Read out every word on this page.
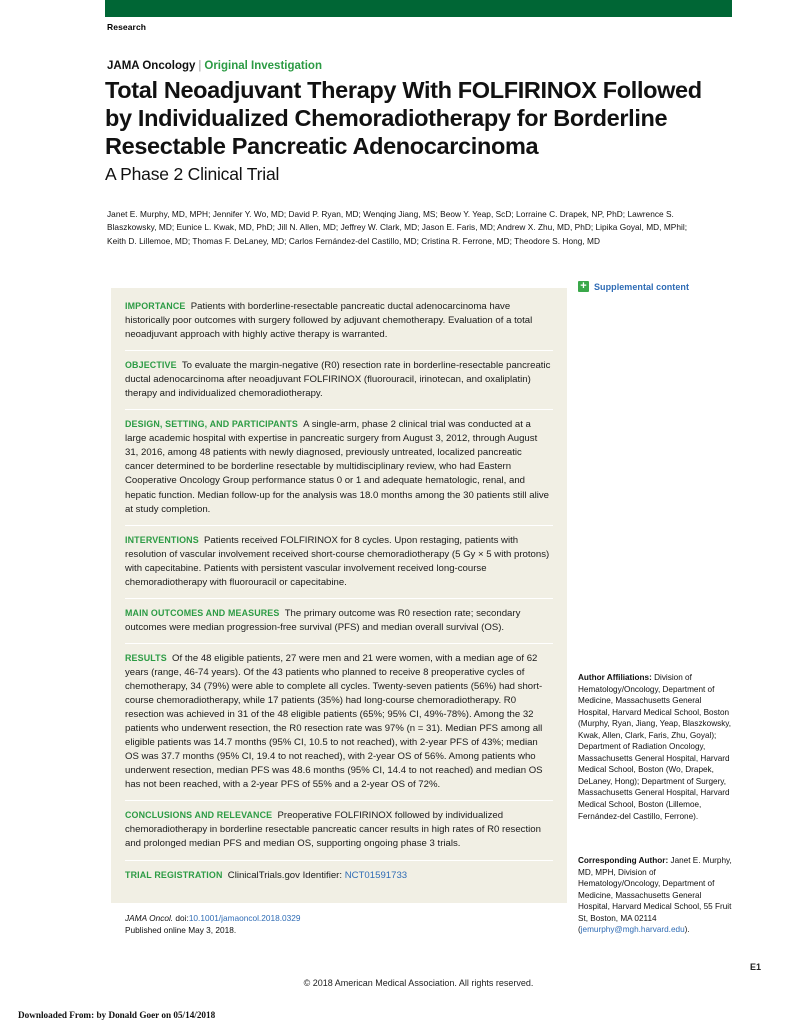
Research
JAMA Oncology | Original Investigation
Total Neoadjuvant Therapy With FOLFIRINOX Followed by Individualized Chemoradiotherapy for Borderline Resectable Pancreatic Adenocarcinoma
A Phase 2 Clinical Trial
Janet E. Murphy, MD, MPH; Jennifer Y. Wo, MD; David P. Ryan, MD; Wenqing Jiang, MS; Beow Y. Yeap, ScD; Lorraine C. Drapek, NP, PhD; Lawrence S. Blaszkowsky, MD; Eunice L. Kwak, MD, PhD; Jill N. Allen, MD; Jeffrey W. Clark, MD; Jason E. Faris, MD; Andrew X. Zhu, MD, PhD; Lipika Goyal, MD, MPhil; Keith D. Lillemoe, MD; Thomas F. DeLaney, MD; Carlos Fernández-del Castillo, MD; Cristina R. Ferrone, MD; Theodore S. Hong, MD
+ Supplemental content
IMPORTANCE Patients with borderline-resectable pancreatic ductal adenocarcinoma have historically poor outcomes with surgery followed by adjuvant chemotherapy. Evaluation of a total neoadjuvant approach with highly active therapy is warranted.
OBJECTIVE To evaluate the margin-negative (R0) resection rate in borderline-resectable pancreatic ductal adenocarcinoma after neoadjuvant FOLFIRINOX (fluorouracil, irinotecan, and oxaliplatin) therapy and individualized chemoradiotherapy.
DESIGN, SETTING, AND PARTICIPANTS A single-arm, phase 2 clinical trial was conducted at a large academic hospital with expertise in pancreatic surgery from August 3, 2012, through August 31, 2016, among 48 patients with newly diagnosed, previously untreated, localized pancreatic cancer determined to be borderline resectable by multidisciplinary review, who had Eastern Cooperative Oncology Group performance status 0 or 1 and adequate hematologic, renal, and hepatic function. Median follow-up for the analysis was 18.0 months among the 30 patients still alive at study completion.
INTERVENTIONS Patients received FOLFIRINOX for 8 cycles. Upon restaging, patients with resolution of vascular involvement received short-course chemoradiotherapy (5 Gy × 5 with protons) with capecitabine. Patients with persistent vascular involvement received long-course chemoradiotherapy with fluorouracil or capecitabine.
MAIN OUTCOMES AND MEASURES The primary outcome was R0 resection rate; secondary outcomes were median progression-free survival (PFS) and median overall survival (OS).
RESULTS Of the 48 eligible patients, 27 were men and 21 were women, with a median age of 62 years (range, 46-74 years). Of the 43 patients who planned to receive 8 preoperative cycles of chemotherapy, 34 (79%) were able to complete all cycles. Twenty-seven patients (56%) had short-course chemoradiotherapy, while 17 patients (35%) had long-course chemoradiotherapy. R0 resection was achieved in 31 of the 48 eligible patients (65%; 95% CI, 49%-78%). Among the 32 patients who underwent resection, the R0 resection rate was 97% (n = 31). Median PFS among all eligible patients was 14.7 months (95% CI, 10.5 to not reached), with 2-year PFS of 43%; median OS was 37.7 months (95% CI, 19.4 to not reached), with 2-year OS of 56%. Among patients who underwent resection, median PFS was 48.6 months (95% CI, 14.4 to not reached) and median OS has not been reached, with a 2-year PFS of 55% and a 2-year OS of 72%.
CONCLUSIONS AND RELEVANCE Preoperative FOLFIRINOX followed by individualized chemoradiotherapy in borderline resectable pancreatic cancer results in high rates of R0 resection and prolonged median PFS and median OS, supporting ongoing phase 3 trials.
TRIAL REGISTRATION ClinicalTrials.gov Identifier: NCT01591733
JAMA Oncol. doi:10.1001/jamaoncol.2018.0329
Published online May 3, 2018.
Author Affiliations: Division of Hematology/Oncology, Department of Medicine, Massachusetts General Hospital, Harvard Medical School, Boston (Murphy, Ryan, Jiang, Yeap, Blaszkowsky, Kwak, Allen, Clark, Faris, Zhu, Goyal); Department of Radiation Oncology, Massachusetts General Hospital, Harvard Medical School, Boston (Wo, Drapek, DeLaney, Hong); Department of Surgery, Massachusetts General Hospital, Harvard Medical School, Boston (Lillemoe, Fernández-del Castillo, Ferrone).
Corresponding Author: Janet E. Murphy, MD, MPH, Division of Hematology/Oncology, Department of Medicine, Massachusetts General Hospital, Harvard Medical School, 55 Fruit St, Boston, MA 02114 (jemurphy@mgh.harvard.edu).
© 2018 American Medical Association. All rights reserved.
E1
Downloaded From: by Donald Goer on 05/14/2018
